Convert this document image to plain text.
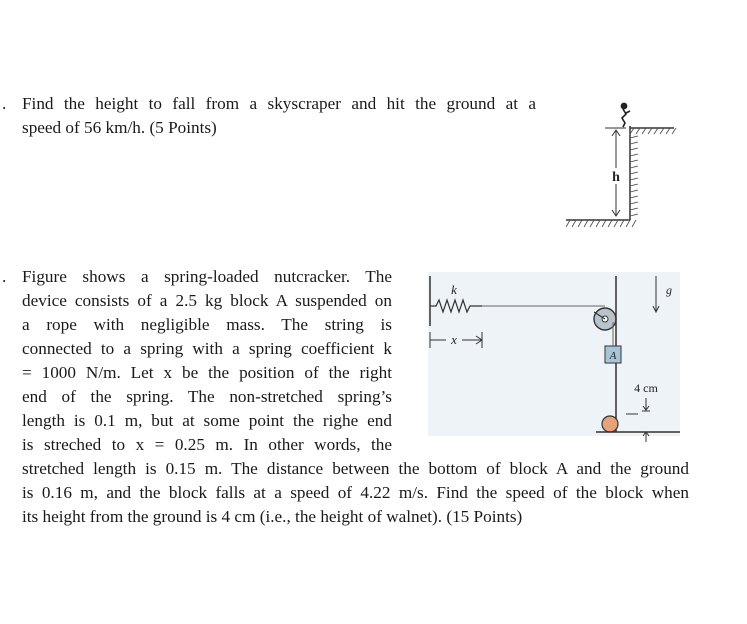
. Find the height to fall from a skyscraper and hit the ground at a
speed of 56 km/h. (5 Points)
h
. Figure shows a spring-loaded nutcracker. The
device consists of a 2.5 kg block A suspended on
a rope with negligible mass. The string is
connected to a spring with a spring coefficient k
= 1000 N/m. Let x be the position of the right
end of the spring. The non-stretched spring’s
length is 0.1 m, but at some point the righe end
is streched to x = 0.25 m. In other words, the
stretched length is 0.15 m. The distance between the bottom of block A and the ground
is 0.16 m, and the block falls at a speed of 4.22 m/s. Find the speed of the block when
its height from the ground is 4 cm (i.e., the height of walnet). (15 Points)
k
A
x
g
4 cm
